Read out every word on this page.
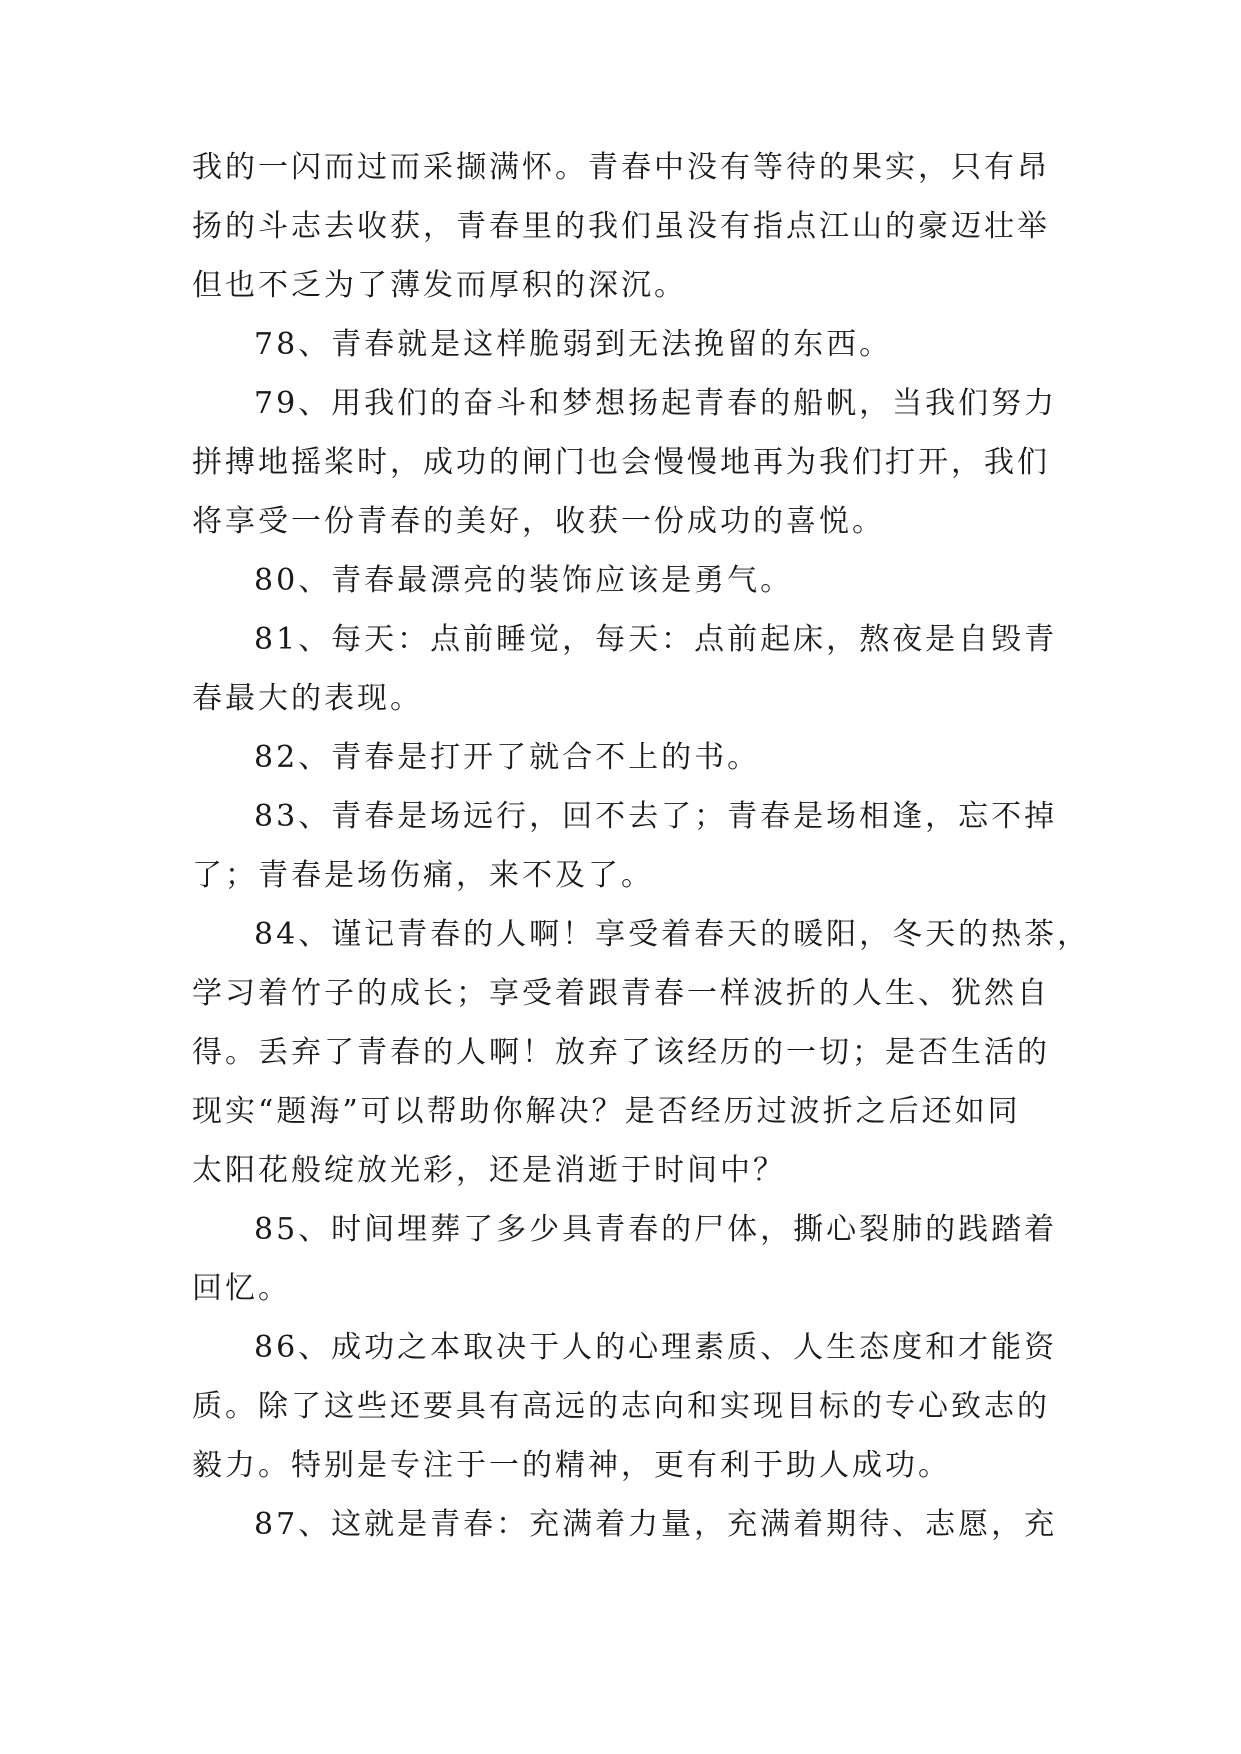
我的一闪而过而采撷满怀。青春中没有等待的果实，只有昂
扬的斗志去收获，青春里的我们虽没有指点江山的豪迈壮举
但也不乏为了薄发而厚积的深沉。
78、青春就是这样脆弱到无法挽留的东西。
79、用我们的奋斗和梦想扬起青春的船帆，当我们努力
拼搏地摇桨时，成功的闸门也会慢慢地再为我们打开，我们
将享受一份青春的美好，收获一份成功的喜悦。
80、青春最漂亮的装饰应该是勇气。
81、每天：点前睡觉，每天：点前起床，熬夜是自毁青
春最大的表现。
82、青春是打开了就合不上的书。
83、青春是场远行，回不去了；青春是场相逢，忘不掉
了；青春是场伤痛，来不及了。
84、谨记青春的人啊！享受着春天的暖阳，冬天的热茶，
学习着竹子的成长；享受着跟青春一样波折的人生、犹然自
得。丢弃了青春的人啊！放弃了该经历的一切；是否生活的
现实“题海”可以帮助你解决？是否经历过波折之后还如同
太阳花般绽放光彩，还是消逝于时间中？
85、时间埋葬了多少具青春的尸体，撕心裂肺的践踏着
回忆。
86、成功之本取决于人的心理素质、人生态度和才能资
质。除了这些还要具有高远的志向和实现目标的专心致志的
毅力。特别是专注于一的精神，更有利于助人成功。
87、这就是青春：充满着力量，充满着期待、志愿，充
